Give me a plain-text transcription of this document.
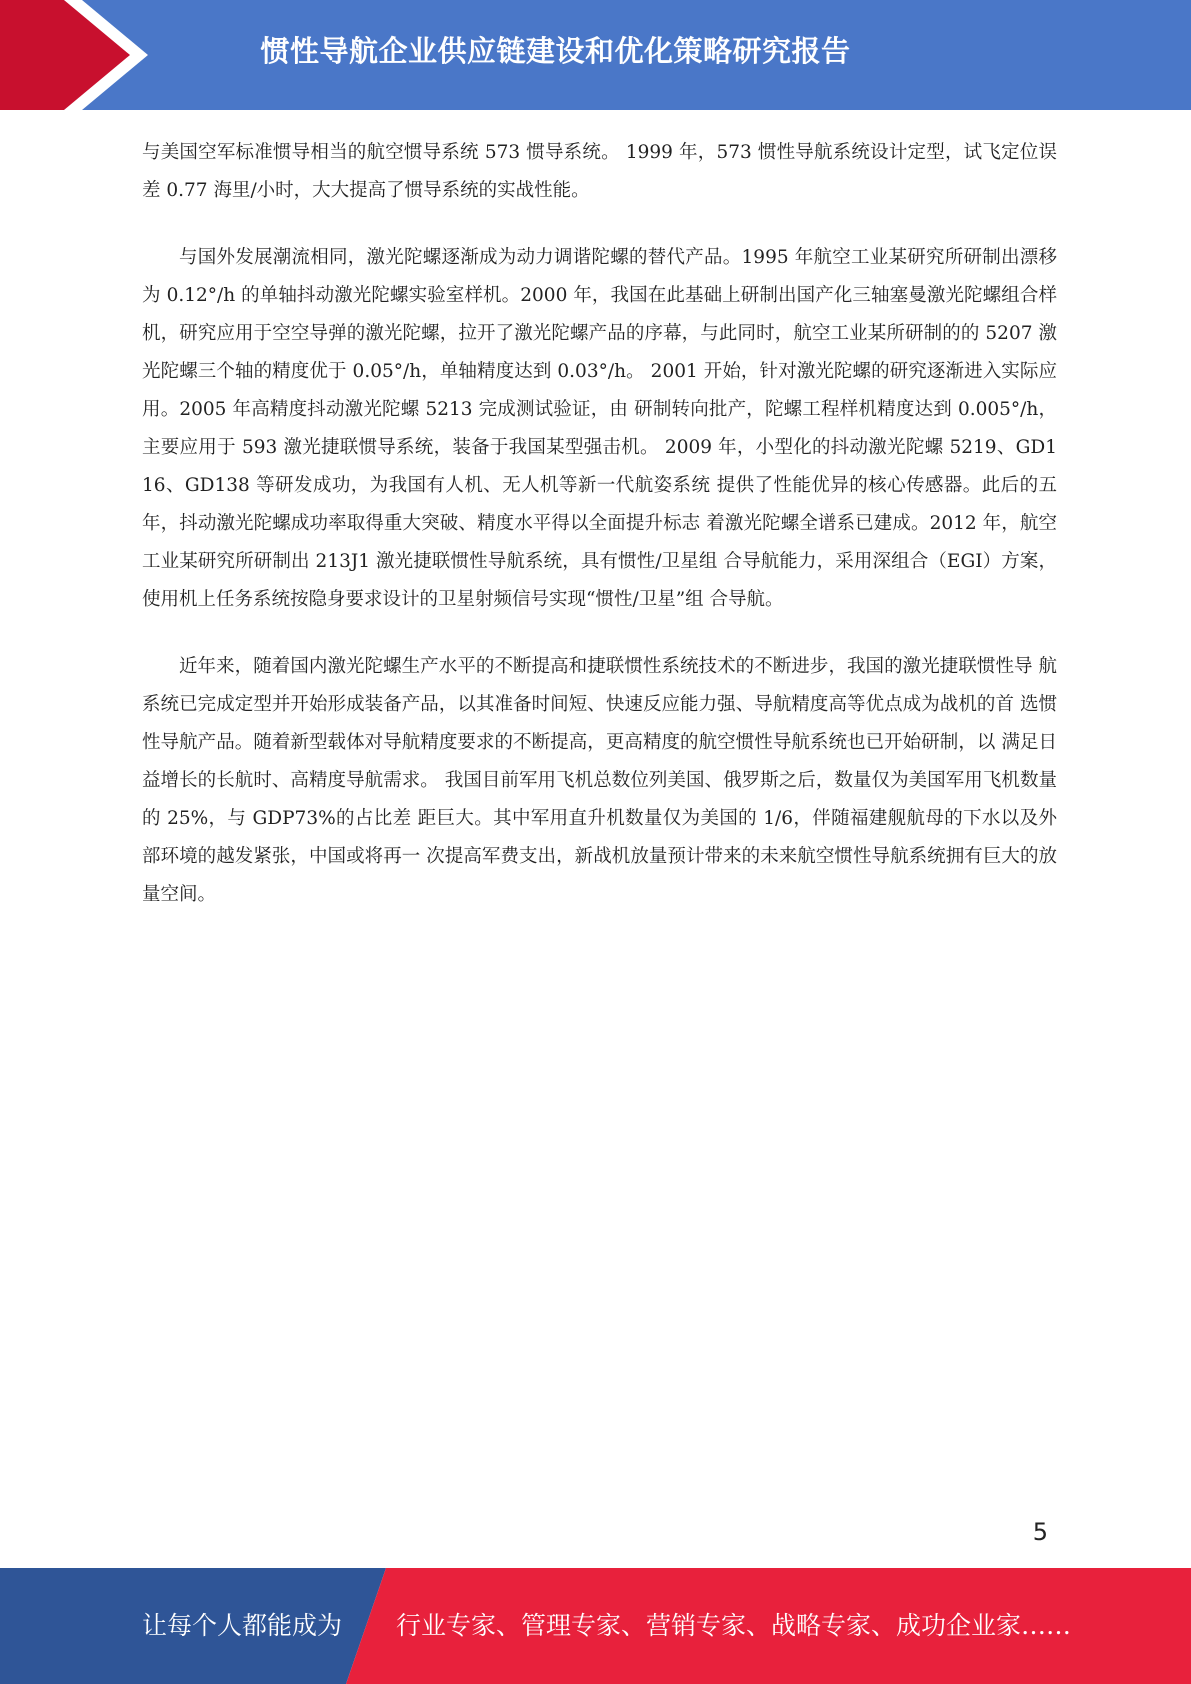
惯性导航企业供应链建设和优化策略研究报告

与美国空军标准惯导相当的航空惯导系统 573 惯导系统。 1999 年，573 惯性导航系统设计定型，试飞定位误差 0.77 海里/小时，大大提高了惯导系统的实战性能。

与国外发展潮流相同，激光陀螺逐渐成为动力调谐陀螺的替代产品。1995 年航空工业某研究所研制出漂移 为 0.12°/h 的单轴抖动激光陀螺实验室样机。2000 年，我国在此基础上研制出国产化三轴塞曼激光陀螺组合样 机，研究应用于空空导弹的激光陀螺，拉开了激光陀螺产品的序幕，与此同时，航空工业某所研制的的 5207 激 光陀螺三个轴的精度优于 0.05°/h，单轴精度达到 0.03°/h。 2001 开始，针对激光陀螺的研究逐渐进入实际应用。2005 年高精度抖动激光陀螺 5213 完成测试验证，由 研制转向批产，陀螺工程样机精度达到 0.005°/h，主要应用于 593 激光捷联惯导系统，装备于我国某型强击机。 2009 年，小型化的抖动激光陀螺 5219、GD116、GD138 等研发成功，为我国有人机、无人机等新一代航姿系统 提供了性能优异的核心传感器。此后的五年，抖动激光陀螺成功率取得重大突破、精度水平得以全面提升标志 着激光陀螺全谱系已建成。2012 年，航空工业某研究所研制出 213J1 激光捷联惯性导航系统，具有惯性/卫星组 合导航能力，采用深组合（EGI）方案，使用机上任务系统按隐身要求设计的卫星射频信号实现“惯性/卫星”组 合导航。

近年来，随着国内激光陀螺生产水平的不断提高和捷联惯性系统技术的不断进步，我国的激光捷联惯性导 航系统已完成定型并开始形成装备产品，以其准备时间短、快速反应能力强、导航精度高等优点成为战机的首 选惯性导航产品。随着新型载体对导航精度要求的不断提高，更高精度的航空惯性导航系统也已开始研制，以 满足日益增长的长航时、高精度导航需求。 我国目前军用飞机总数位列美国、俄罗斯之后，数量仅为美国军用飞机数量的 25%，与 GDP73%的占比差 距巨大。其中军用直升机数量仅为美国的 1/6，伴随福建舰航母的下水以及外部环境的越发紧张，中国或将再一 次提高军费支出，新战机放量预计带来的未来航空惯性导航系统拥有巨大的放量空间。

5
让每个人都能成为 行业专家、管理专家、营销专家、战略专家、成功企业家……
